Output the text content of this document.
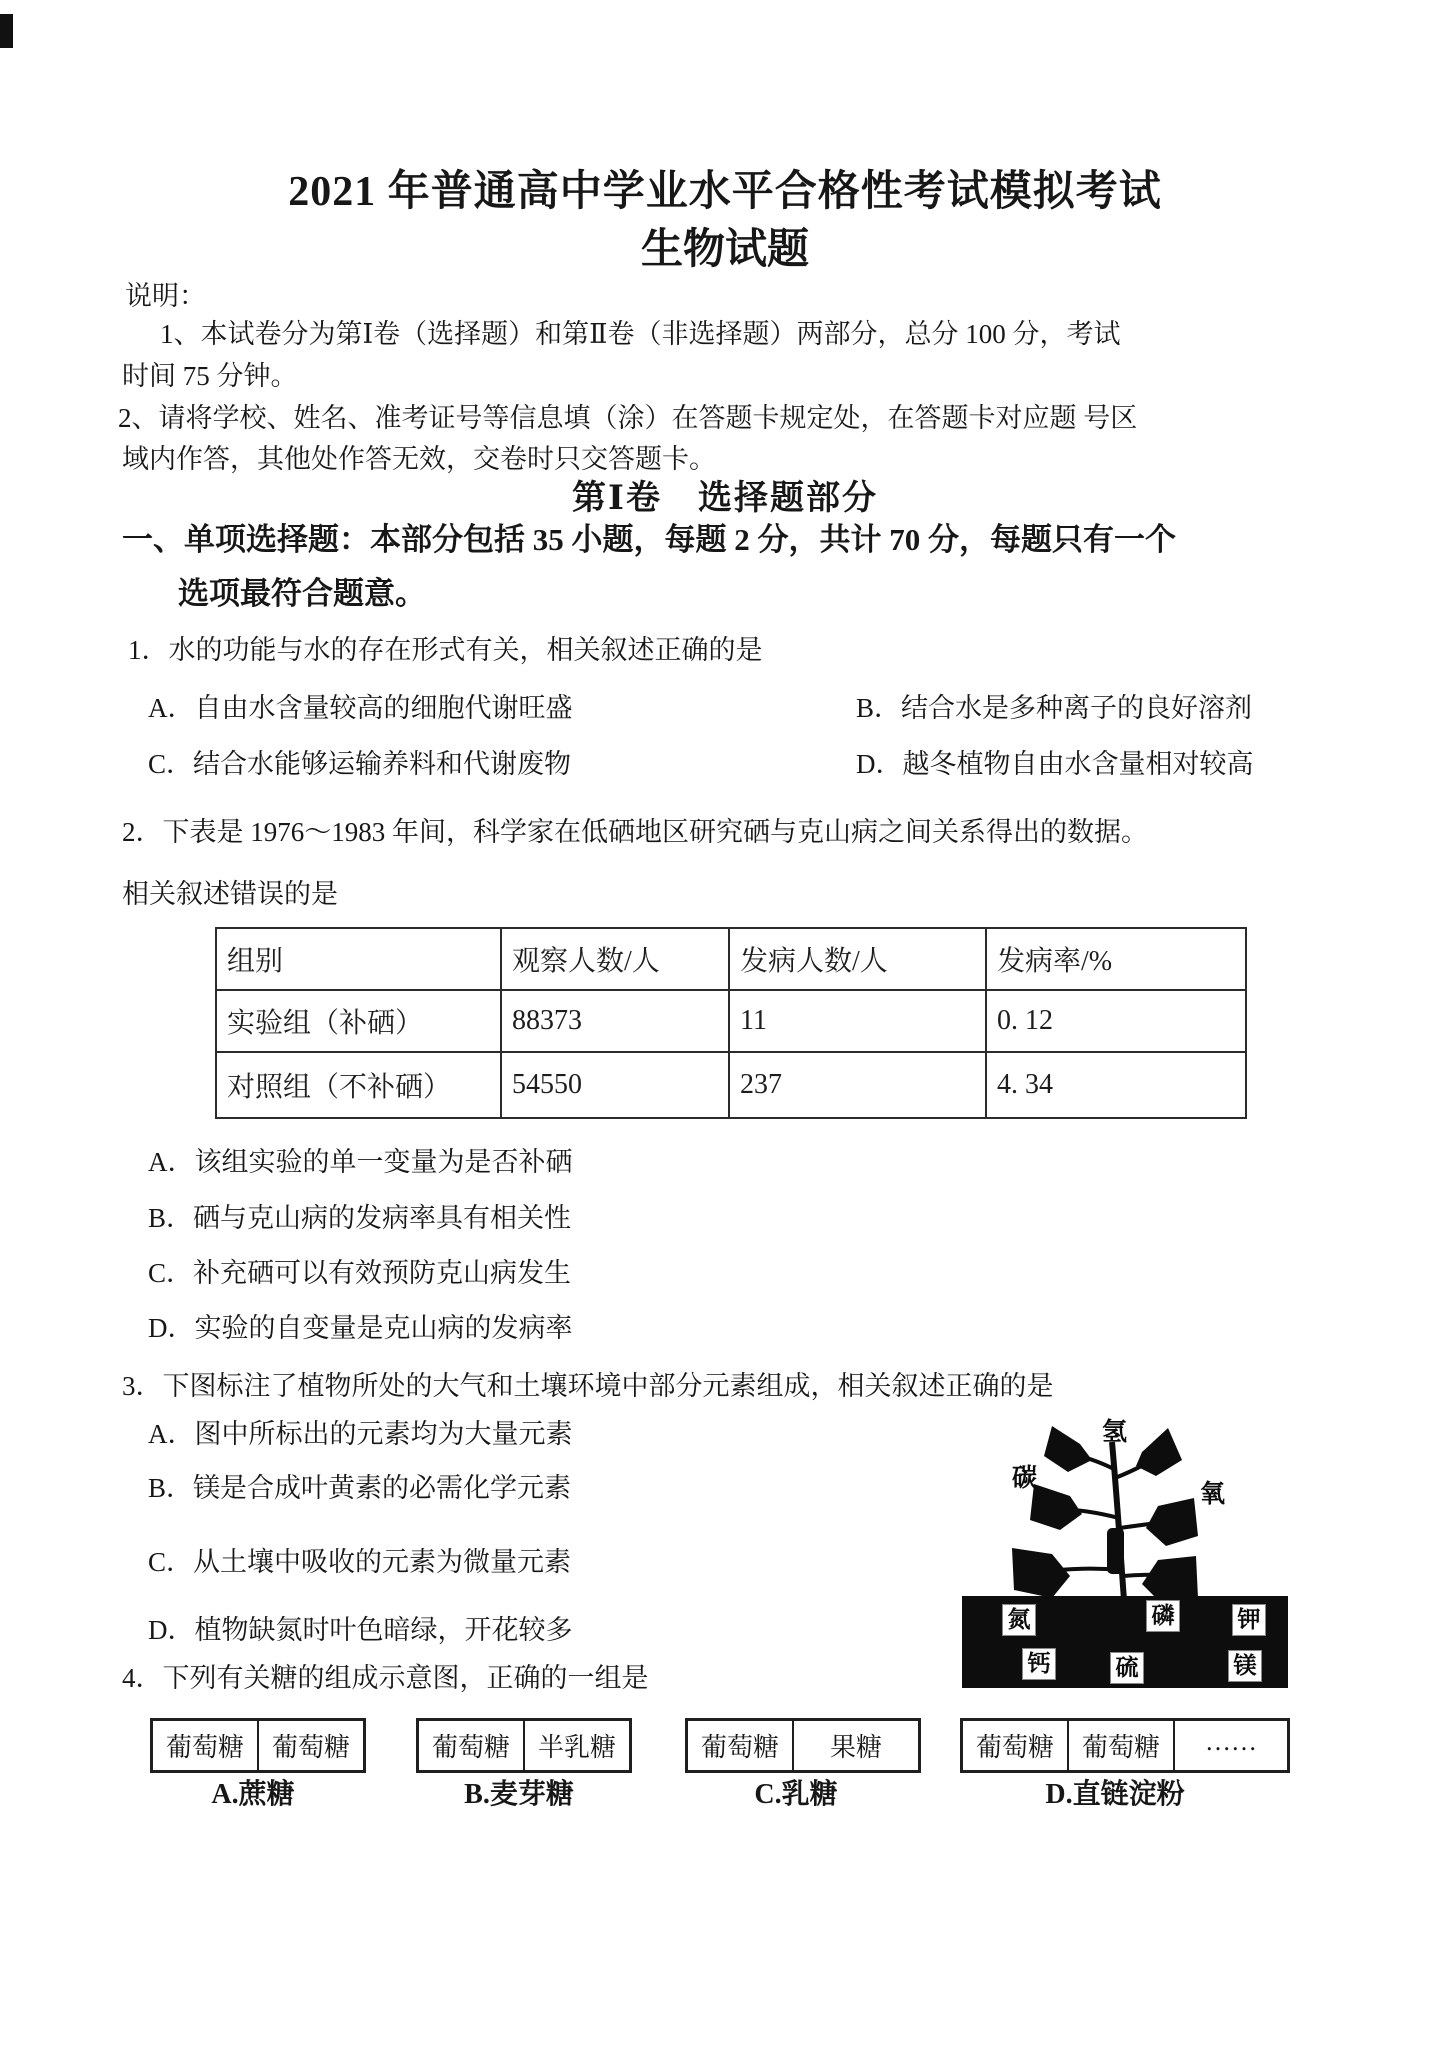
2021 年普通高中学业水平合格性考试模拟考试
生物试题
说明：
1、本试卷分为第Ⅰ卷（选择题）和第Ⅱ卷（非选择题）两部分，总分 100 分，考试
时间 75 分钟。
2、请将学校、姓名、准考证号等信息填（涂）在答题卡规定处，在答题卡对应题 号区
域内作答，其他处作答无效，交卷时只交答题卡。
第Ⅰ卷　选择题部分
一、单项选择题：本部分包括 35 小题，每题 2 分，共计 70 分，每题只有一个
选项最符合题意。
1．水的功能与水的存在形式有关，相关叙述正确的是
A．自由水含量较高的细胞代谢旺盛	B．结合水是多种离子的良好溶剂
C．结合水能够运输养料和代谢废物	D．越冬植物自由水含量相对较高
2．下表是 1976～1983 年间，科学家在低硒地区研究硒与克山病之间关系得出的数据。
相关叙述错误的是
组别	观察人数/人	发病人数/人	发病率/%
实验组（补硒）	88373	11	0. 12
对照组（不补硒）	54550	237	4. 34
A．该组实验的单一变量为是否补硒
B．硒与克山病的发病率具有相关性
C．补充硒可以有效预防克山病发生
D．实验的自变量是克山病的发病率
3．下图标注了植物所处的大气和土壤环境中部分元素组成，相关叙述正确的是
A．图中所标出的元素均为大量元素
B．镁是合成叶黄素的必需化学元素
C．从土壤中吸收的元素为微量元素
D．植物缺氮时叶色暗绿，开花较多
氢
碳
氧
氮	磷	钾
钙	硫	镁
4．下列有关糖的组成示意图，正确的一组是
葡萄糖	葡萄糖
A.蔗糖
葡萄糖	半乳糖
B.麦芽糖
葡萄糖	果糖
C.乳糖
葡萄糖	葡萄糖	……
D.直链淀粉
